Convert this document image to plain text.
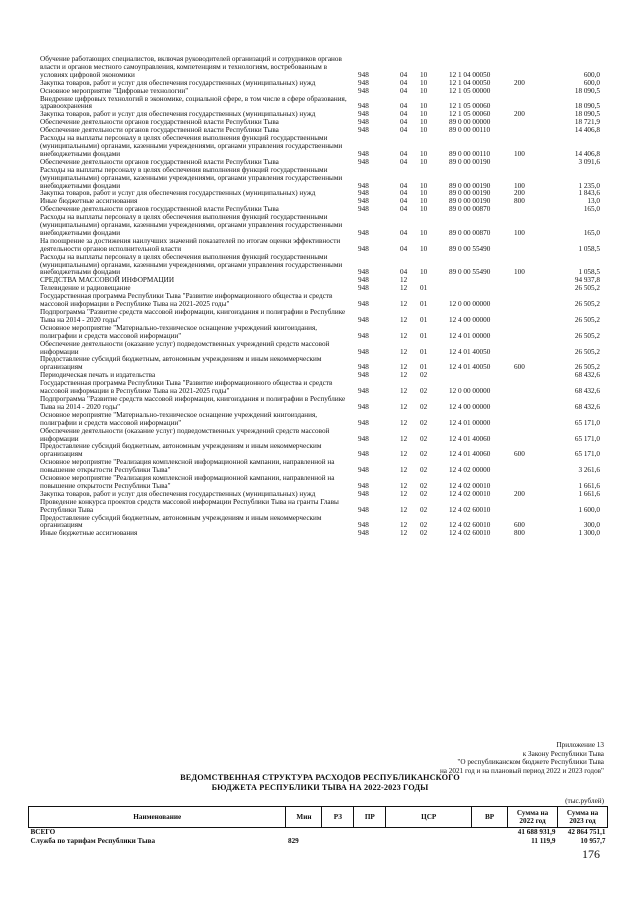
Обучение работающих специалистов, включая руководителей организаций и сотрудников органов власти и органов местного самоуправления, компетенциям и технологиям, востребованным в условиях цифровой экономики	948	04	10	12 1 04 00050	600,0
Закупка товаров, работ и услуг для обеспечения государственных (муниципальных) нужд	948	04	10	12 1 04 00050	200	600,0
Основное мероприятие "Цифровые технологии"	948	04	10	12 1 05 00000	18 090,5
Внедрение цифровых технологий в экономике, социальной сфере, в том числе в сфере образования, здравоохранения	948	04	10	12 1 05 00060	18 090,5
Закупка товаров, работ и услуг для обеспечения государственных (муниципальных) нужд	948	04	10	12 1 05 00060	200	18 090,5
Обеспечение деятельности органов государственной власти Республики Тыва	948	04	10	89 0 00 00000	18 721,9
Обеспечение деятельности органов государственной власти Республики Тыва	948	04	10	89 0 00 00110	14 406,8
Расходы на выплаты персоналу в целях обеспечения выполнения функций государственными (муниципальными) органами, казенными учреждениями, органами управления государственными внебюджетными фондами	948	04	10	89 0 00 00110	100	14 406,8
Обеспечение деятельности органов государственной власти Республики Тыва	948	04	10	89 0 00 00190	3 091,6
Расходы на выплаты персоналу в целях обеспечения выполнения функций государственными (муниципальными) органами, казенными учреждениями, органами управления государственными внебюджетными фондами	948	04	10	89 0 00 00190	100	1 235,0
Закупка товаров, работ и услуг для обеспечения государственных (муниципальных) нужд	948	04	10	89 0 00 00190	200	1 843,6
Иные бюджетные ассигнования	948	04	10	89 0 00 00190	800	13,0
Обеспечение деятельности органов государственной власти Республики Тыва	948	04	10	89 0 00 00870	165,0
Расходы на выплаты персоналу в целях обеспечения выполнения функций государственными (муниципальными) органами, казенными учреждениями, органами управления государственными внебюджетными фондами	948	04	10	89 0 00 00870	100	165,0
На поощрение за достижения наилучших значений показателей по итогам оценки эффективности деятельности органов исполнительной власти	948	04	10	89 0 00 55490	1 058,5
Расходы на выплаты персоналу в целях обеспечения выполнения функций государственными (муниципальными) органами, казенными учреждениями, органами управления государственными внебюджетными фондами	948	04	10	89 0 00 55490	100	1 058,5
СРЕДСТВА МАССОВОЙ ИНФОРМАЦИИ	948	12	94 937,8
Телевидение и радиовещание	948	12	01	26 505,2
Государственная программа Республики Тыва "Развитие информационного общества и средств массовой информации в Республике Тыва на 2021-2025 годы"	948	12	01	12 0 00 00000	26 505,2
Подпрограмма "Развитие средств массовой информации, книгоиздания и полиграфии в Республике Тыва на 2014 - 2020 годы"	948	12	01	12 4 00 00000	26 505,2
Основное мероприятие "Материально-техническое оснащение учреждений книгоиздания, полиграфии и средств массовой информации"	948	12	01	12 4 01 00000	26 505,2
Обеспечение деятельности (оказание услуг) подведомственных учреждений средств массовой информации	948	12	01	12 4 01 40050	26 505,2
Предоставление субсидий бюджетным, автономным учреждениям и иным некоммерческим организациям	948	12	01	12 4 01 40050	600	26 505,2
Периодическая печать и издательства	948	12	02	68 432,6
Государственная программа Республики Тыва "Развитие информационного общества и средств массовой информации в Республике Тыва на 2021-2025 годы"	948	12	02	12 0 00 00000	68 432,6
Подпрограмма "Развитие средств массовой информации, книгоиздания и полиграфии в Республике Тыва на 2014 - 2020 годы"	948	12	02	12 4 00 00000	68 432,6
Основное мероприятие "Материально-техническое оснащение учреждений книгоиздания, полиграфии и средств массовой информации"	948	12	02	12 4 01 00000	65 171,0
Обеспечение деятельности (оказание услуг) подведомственных учреждений средств массовой информации	948	12	02	12 4 01 40060	65 171,0
Предоставление субсидий бюджетным, автономным учреждениям и иным некоммерческим организациям	948	12	02	12 4 01 40060	600	65 171,0
Основное мероприятие "Реализация комплексной информационной кампании, направленной на повышение открытости Республики Тыва"	948	12	02	12 4 02 00000	3 261,6
Основное мероприятие "Реализация комплексной информационной кампании, направленной на повышение открытости Республики Тыва"	948	12	02	12 4 02 00010	1 661,6
Закупка товаров, работ и услуг для обеспечения государственных (муниципальных) нужд	948	12	02	12 4 02 00010	200	1 661,6
Проведение конкурса проектов средств массовой информации Республики Тыва на гранты Главы Республики Тыва	948	12	02	12 4 02 60010	1 600,0
Предоставление субсидий бюджетным, автономным учреждениям и иным некоммерческим организациям	948	12	02	12 4 02 60010	600	300,0
Иные бюджетные ассигнования	948	12	02	12 4 02 60010	800	1 300,0
Приложение 13
к Закону Республики Тыва
"О республиканском бюджете Республики Тыва
на 2021 год и на плановый период 2022 и 2023 годов"
ВЕДОМСТВЕННАЯ СТРУКТУРА РАСХОДОВ РЕСПУБЛИКАНСКОГО
БЮДЖЕТА РЕСПУБЛИКИ ТЫВА НА 2022-2023 ГОДЫ
(тыс.рублей)
Наименование	Мин	РЗ	ПР	ЦСР	ВР	Сумма на 2022 год	Сумма на 2023 год
ВСЕГО						41 688 931,9	42 864 751,1
Служба по тарифам Республики Тыва	829					11 119,9	10 957,7
176
